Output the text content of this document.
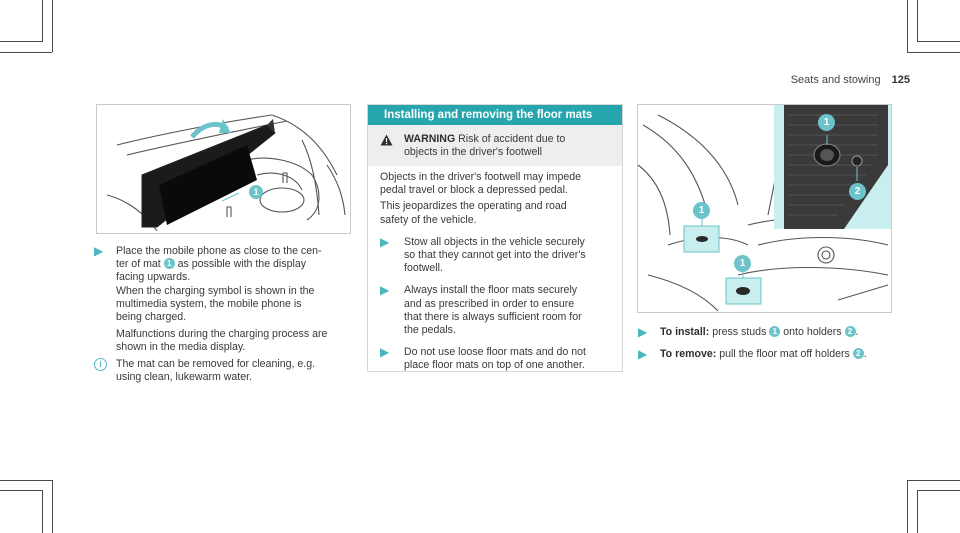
Seats and stowing 125
1
▶ Place the mobile phone as close to the cen-
ter of mat 1 as possible with the display
facing upwards.
When the charging symbol is shown in the
multimedia system, the mobile phone is
being charged.

Malfunctions during the charging process are
shown in the media display.

i	The mat can be removed for cleaning, e.g.
using clean, lukewarm water.

Installing and removing the floor mats
WARNING Risk of accident due to
objects in the driver's footwell

Objects in the driver's footwell may impede
pedal travel or block a depressed pedal.

This jeopardizes the operating and road
safety of the vehicle.

▶ Stow all objects in the vehicle securely
so that they cannot get into the driver's
footwell.

▶ Always install the floor mats securely
and as prescribed in order to ensure
that there is always sufficient room for
the pedals.

▶ Do not use loose floor mats and do not
place floor mats on top of one another.

1
2
1
1
▶ To install: press studs 1 onto holders 2 .

▶ To remove: pull the floor mat off holders 2 .
